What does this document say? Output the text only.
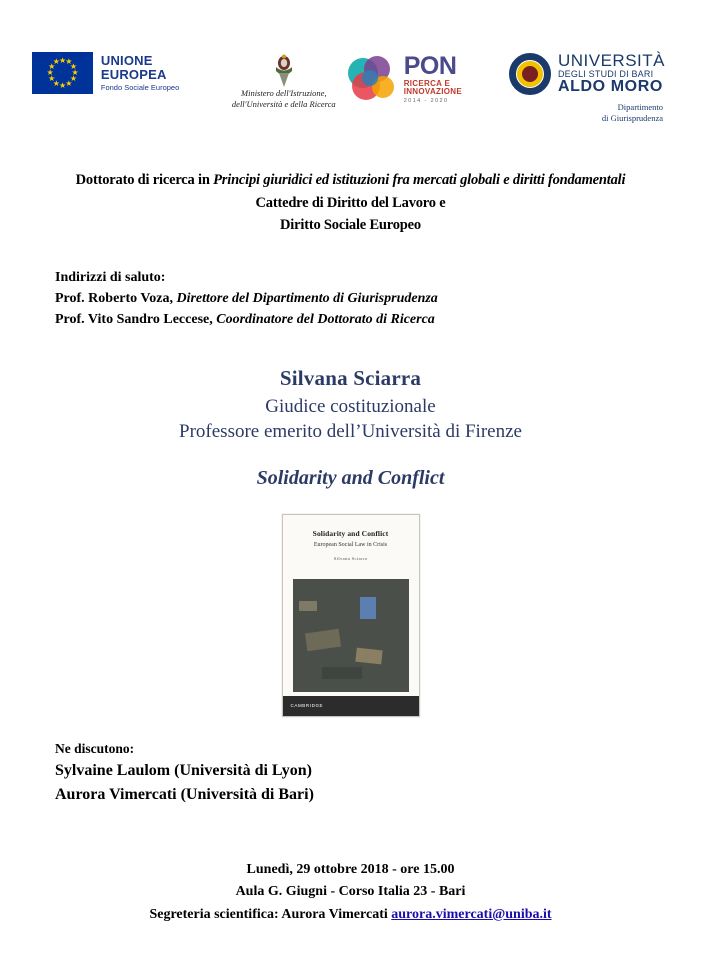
★ ★
★
★
★
★
★
★
★
★
★
★	UNIONE EUROPEA
Fondo Sociale Europeo
Ministero dell'Istruzione,
dell'Università e della Ricerca
PON
RICERCA E INNOVAZIONE
2014 - 2020
UNIVERSITÀ
DEGLI STUDI DI BARI
ALDO MORO
Dipartimento
di Giurisprudenza
Dottorato di ricerca in Principi giuridici ed istituzioni fra mercati globali e diritti fondamentali
Cattedre di Diritto del Lavoro e
Diritto Sociale Europeo
Indirizzi di saluto:
Prof. Roberto Voza, Direttore del Dipartimento di Giurisprudenza
Prof. Vito Sandro Leccese, Coordinatore del Dottorato di Ricerca
Silvana Sciarra
Giudice costituzionale
Professore emerito dell’Università di Firenze
Solidarity and Conflict
Solidarity and Conflict
European Social Law in Crisis
Silvana Sciarra
CAMBRIDGE
Ne discutono:
Sylvaine Laulom (Università di Lyon)
Aurora Vimercati (Università di Bari)
Lunedì, 29 ottobre 2018 - ore 15.00
Aula G. Giugni - Corso Italia 23 - Bari
Segreteria scientifica: Aurora Vimercati aurora.vimercati@uniba.it
